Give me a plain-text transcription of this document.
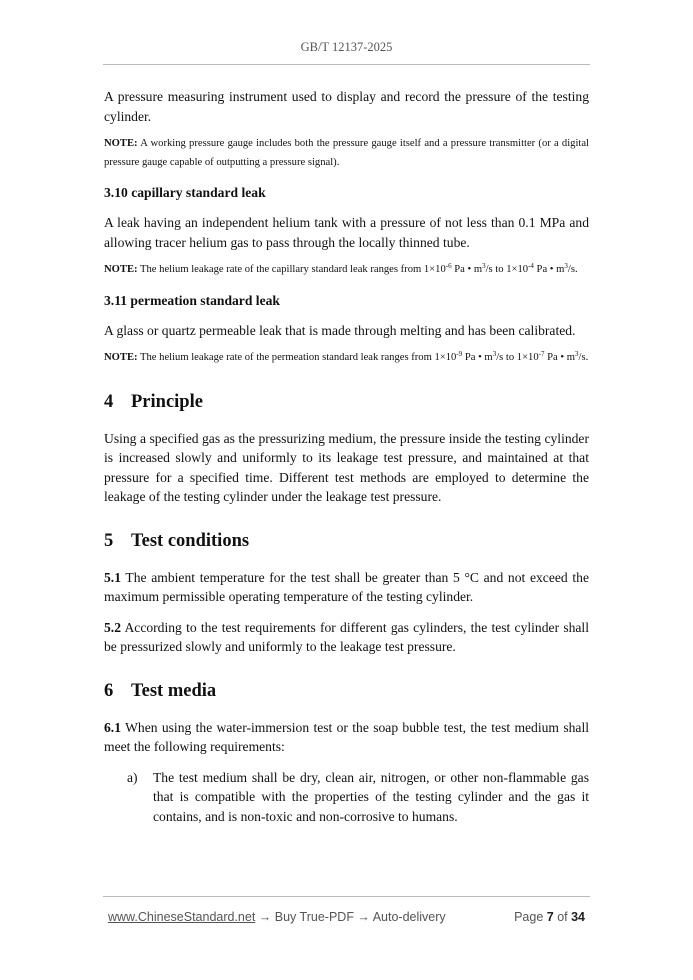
GB/T 12137-2025

A pressure measuring instrument used to display and record the pressure of the testing cylinder.

NOTE: A working pressure gauge includes both the pressure gauge itself and a pressure transmitter (or a digital pressure gauge capable of outputting a pressure signal).

3.10 capillary standard leak

A leak having an independent helium tank with a pressure of not less than 0.1 MPa and allowing tracer helium gas to pass through the locally thinned tube.

NOTE: The helium leakage rate of the capillary standard leak ranges from $1\times 10^{-6}$ Pa • $m^3/s$ to $1\times 10^{-4}$ Pa • $m^3/s$.

3.11 permeation standard leak

A glass or quartz permeable leak that is made through melting and has been calibrated.

NOTE: The helium leakage rate of the permeation standard leak ranges from $1\times 10^{-9}$ Pa • $m^3/s$ to $1\times 10^{-7}$ Pa • $m^3/s$.

4 Principle

Using a specified gas as the pressurizing medium, the pressure inside the testing cylinder is increased slowly and uniformly to its leakage test pressure, and maintained at that pressure for a specified time. Different test methods are employed to determine the leakage of the testing cylinder under the leakage test pressure.

5 Test conditions

5.1 The ambient temperature for the test shall be greater than 5 °C and not exceed the maximum permissible operating temperature of the testing cylinder.

5.2 According to the test requirements for different gas cylinders, the test cylinder shall be pressurized slowly and uniformly to the leakage test pressure.

6 Test media

6.1 When using the water-immersion test or the soap bubble test, the test medium shall meet the following requirements:

a)	The test medium shall be dry, clean air, nitrogen, or other non-flammable gas that is compatible with the properties of the testing cylinder and the gas it contains, and is non-toxic and non-corrosive to humans.
www.ChineseStandard.net → Buy True-PDF → Auto-delivery	Page 7 of 34
